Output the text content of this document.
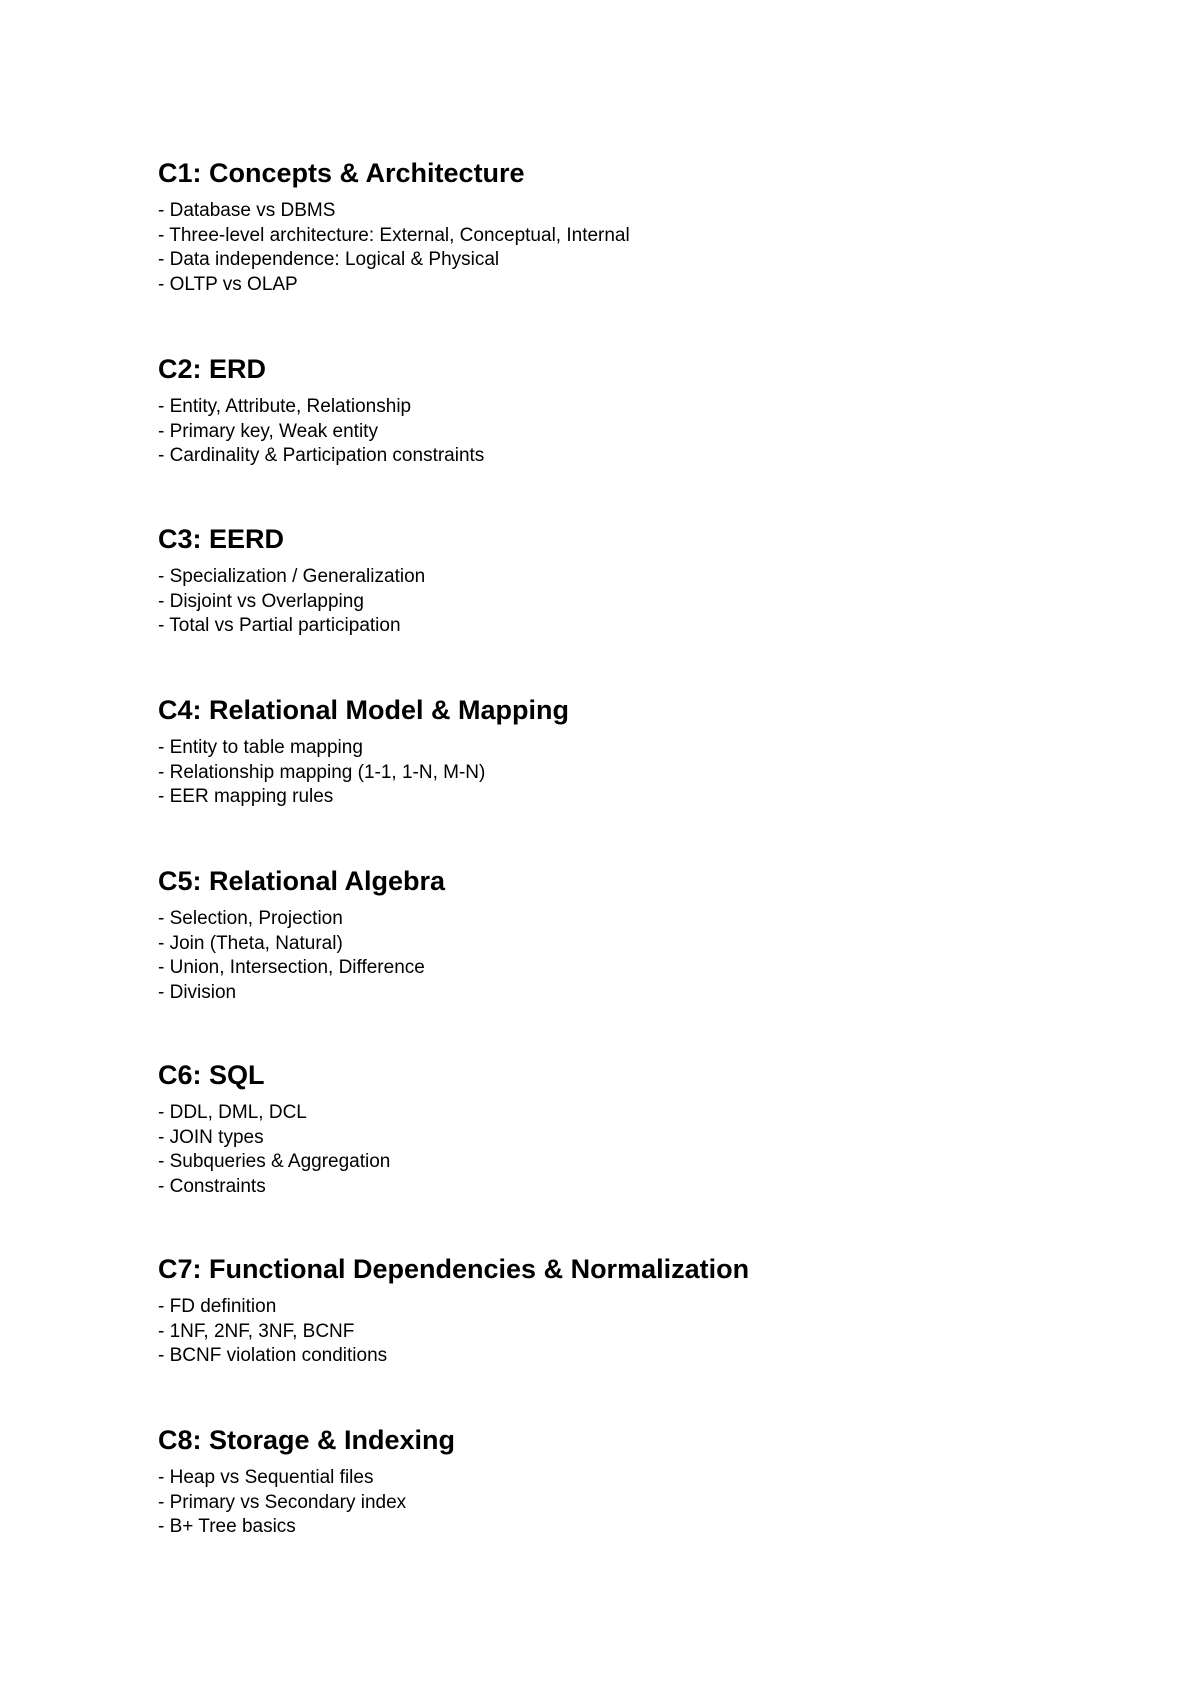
C1: Concepts & Architecture
- Database vs DBMS
- Three-level architecture: External, Conceptual, Internal
- Data independence: Logical & Physical
- OLTP vs OLAP
C2: ERD
- Entity, Attribute, Relationship
- Primary key, Weak entity
- Cardinality & Participation constraints
C3: EERD
- Specialization / Generalization
- Disjoint vs Overlapping
- Total vs Partial participation
C4: Relational Model & Mapping
- Entity to table mapping
- Relationship mapping (1-1, 1-N, M-N)
- EER mapping rules
C5: Relational Algebra
- Selection, Projection
- Join (Theta, Natural)
- Union, Intersection, Difference
- Division
C6: SQL
- DDL, DML, DCL
- JOIN types
- Subqueries & Aggregation
- Constraints
C7: Functional Dependencies & Normalization
- FD definition
- 1NF, 2NF, 3NF, BCNF
- BCNF violation conditions
C8: Storage & Indexing
- Heap vs Sequential files
- Primary vs Secondary index
- B+ Tree basics
